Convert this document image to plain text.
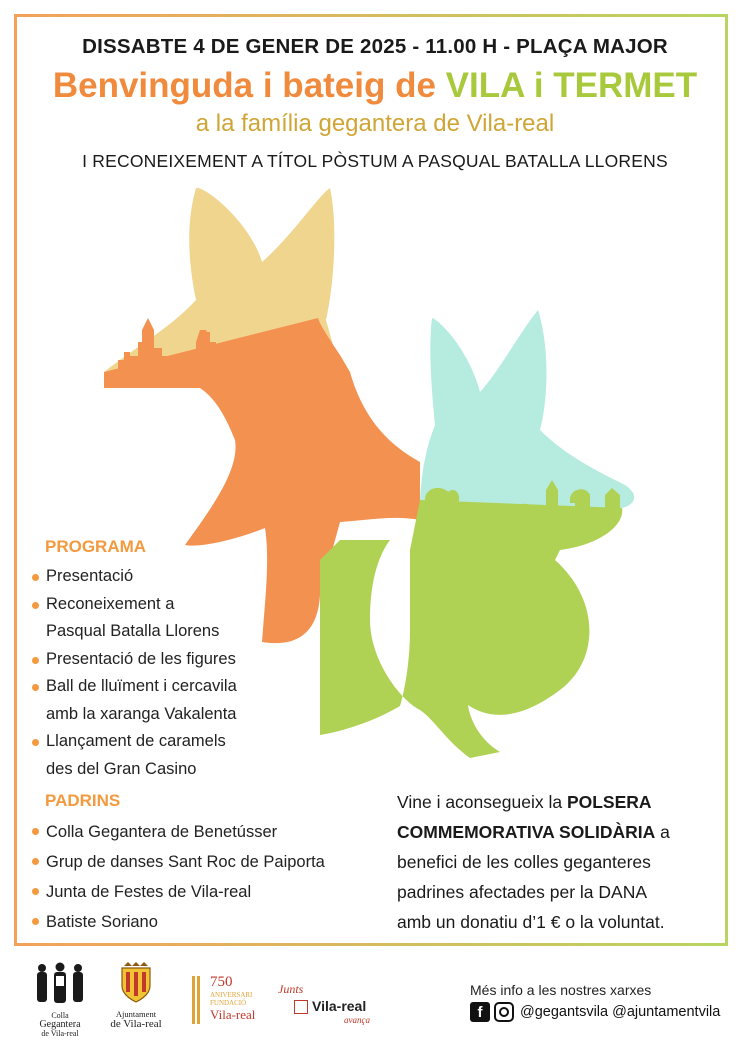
DISSABTE 4 DE GENER DE 2025 - 11.00 H - PLAÇA MAJOR
Benvinguda i bateig de VILA i TERMET
a la família gegantera de Vila-real
I RECONEIXEMENT A TÍTOL PÒSTUM A PASQUAL BATALLA LLORENS
PROGRAMA
Presentació
Reconeixement a
Pasqual Batalla Llorens
Presentació de les figures
Ball de lluïment i cercavila
amb la xaranga Vakalenta
Llançament de caramels
des del Gran Casino
PADRINS
Colla Gegantera de Benetússer
Grup de danses Sant Roc de Paiporta
Junta de Festes de Vila-real
Batiste Soriano
Vine i aconsegueix la POLSERA
COMMEMORATIVA SOLIDÀRIA a
benefici de les colles geganteres
padrines afectades per la DANA
amb un donatiu d’1 € o la voluntat.
Colla
Gegantera
de Vila-real
Ajuntament
de Vila-real
750
ANIVERSARI
FUNDACIÓ
Vila-real
Junts
Vila-real
avança
Més info a les nostres xarxes
f	@gegantsvila @ajuntamentvila
